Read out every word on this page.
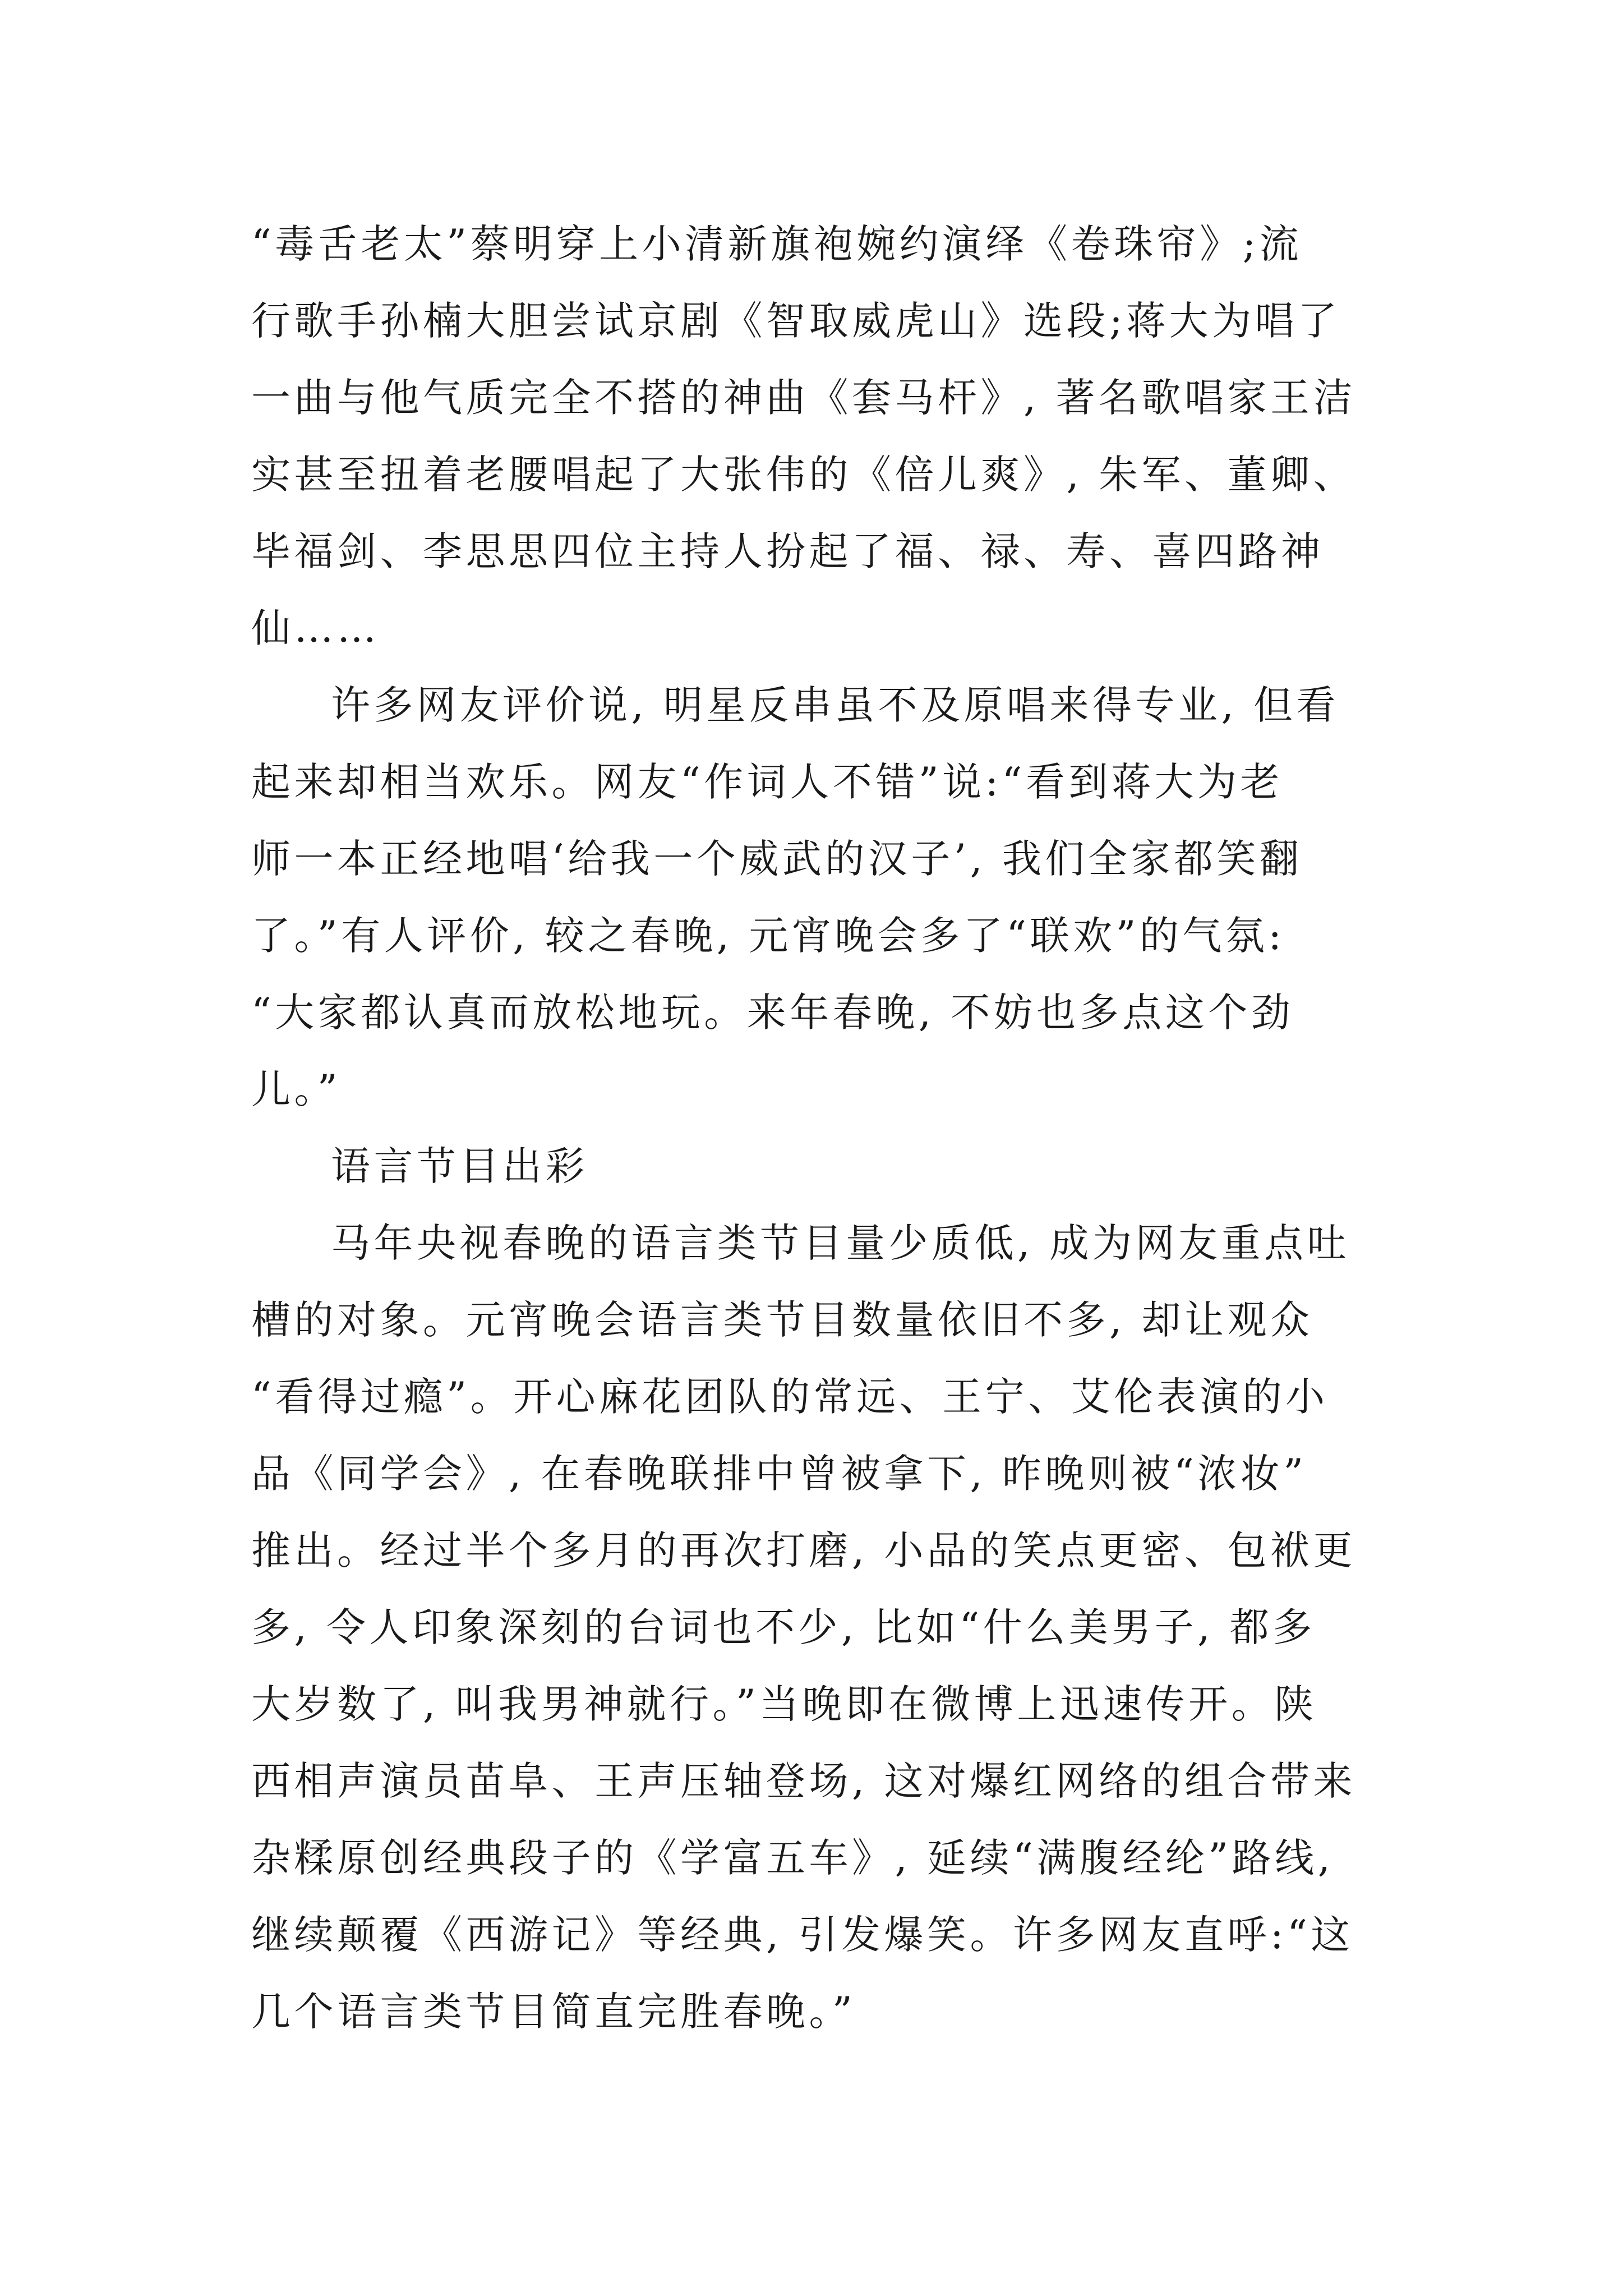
“毒舌老太”蔡明穿上小清新旗袍婉约演绎《卷珠帘》;流
行歌手孙楠大胆尝试京剧《智取威虎山》选段;蒋大为唱了
一曲与他气质完全不搭的神曲《套马杆》, 著名歌唱家王洁
实甚至扭着老腰唱起了大张伟的《倍儿爽》, 朱军、董卿、
毕福剑、李思思四位主持人扮起了福、禄、寿、喜四路神
仙……
许多网友评价说, 明星反串虽不及原唱来得专业, 但看
起来却相当欢乐。网友“作词人不错”说:“看到蒋大为老
师一本正经地唱‘给我一个威武的汉子’, 我们全家都笑翻
了。”有人评价, 较之春晚, 元宵晚会多了“联欢”的气氛:
“大家都认真而放松地玩。来年春晚, 不妨也多点这个劲
儿。”
语言节目出彩
马年央视春晚的语言类节目量少质低, 成为网友重点吐
槽的对象。元宵晚会语言类节目数量依旧不多, 却让观众
“看得过瘾”。开心麻花团队的常远、王宁、艾伦表演的小
品《同学会》, 在春晚联排中曾被拿下, 昨晚则被“浓妆”
推出。经过半个多月的再次打磨, 小品的笑点更密、包袱更
多, 令人印象深刻的台词也不少, 比如“什么美男子, 都多
大岁数了, 叫我男神就行。”当晚即在微博上迅速传开。陕
西相声演员苗阜、王声压轴登场, 这对爆红网络的组合带来
杂糅原创经典段子的《学富五车》, 延续“满腹经纶”路线,
继续颠覆《西游记》等经典, 引发爆笑。许多网友直呼:“这
几个语言类节目简直完胜春晚。”
